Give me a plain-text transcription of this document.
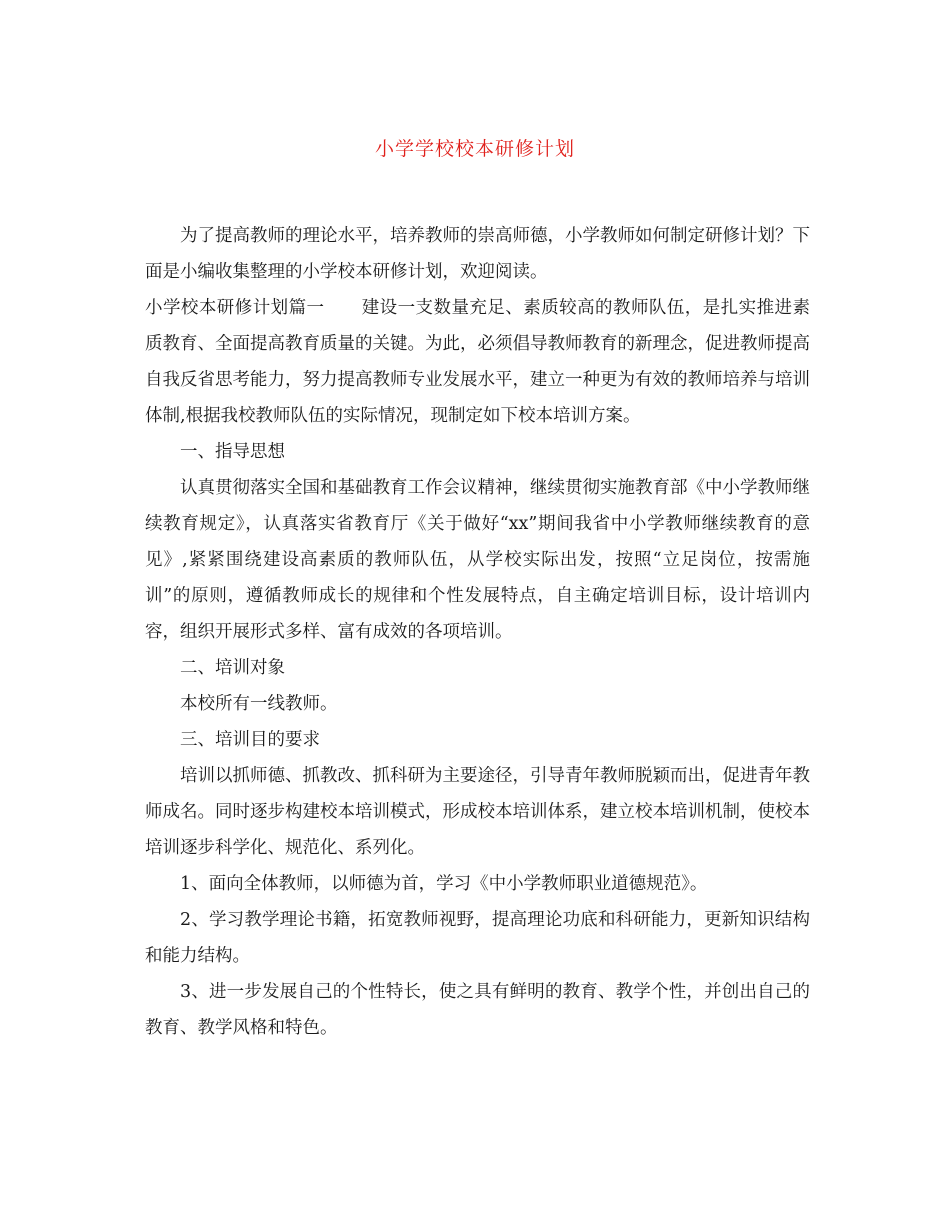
小学学校校本研修计划

为了提高教师的理论水平，培养教师的崇高师德，小学教师如何制定研修计划？下面是小编收集整理的小学校本研修计划，欢迎阅读。

小学校本研修计划篇一 建设一支数量充足、素质较高的教师队伍，是扎实推进素质教育、全面提高教育质量的关键。为此，必须倡导教师教育的新理念，促进教师提高自我反省思考能力，努力提高教师专业发展水平，建立一种更为有效的教师培养与培训体制,根据我校教师队伍的实际情况，现制定如下校本培训方案。

一、指导思想

认真贯彻落实全国和基础教育工作会议精神，继续贯彻实施教育部《中小学教师继续教育规定》，认真落实省教育厅《关于做好“xx”期间我省中小学教师继续教育的意见》,紧紧围绕建设高素质的教师队伍，从学校实际出发，按照“立足岗位，按需施训”的原则，遵循教师成长的规律和个性发展特点，自主确定培训目标，设计培训内容，组织开展形式多样、富有成效的各项培训。

二、培训对象

本校所有一线教师。

三、培训目的要求

培训以抓师德、抓教改、抓科研为主要途径，引导青年教师脱颖而出，促进青年教师成名。同时逐步构建校本培训模式，形成校本培训体系，建立校本培训机制，使校本培训逐步科学化、规范化、系列化。

1、面向全体教师，以师德为首，学习《中小学教师职业道德规范》。

2、学习教学理论书籍，拓宽教师视野，提高理论功底和科研能力，更新知识结构和能力结构。

3、进一步发展自己的个性特长，使之具有鲜明的教育、教学个性，并创出自己的教育、教学风格和特色。
